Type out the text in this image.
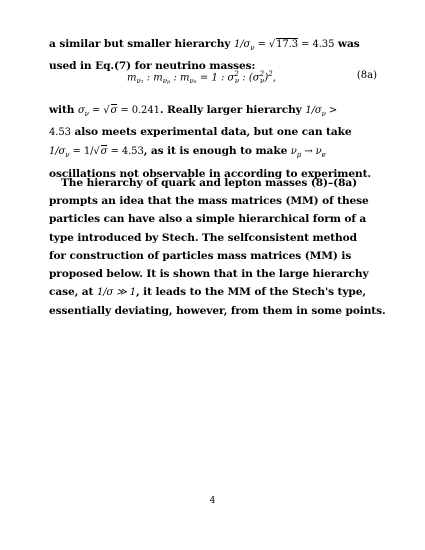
a similar but smaller hierarchy $1/\sigma_\nu = √17.3 = 4.35$ was
used in Eq.(7) for neutrino masses:
$m_{\nu\tau}$ : $m_{\nu\mu}$ : $m_{\nu e} = 1$ : $\sigma^2_\nu$ : $(\sigma^2_\nu)^2$,	(8a)
with $\sigma_\nu = √\sigma = 0.241$. Really larger hierarchy $1/\sigma_\nu$ >
4.53 also meets experimental data, but one can take
$1/\sigma_\nu = 1/√\sigma = 4.53$, as it is enough to make $\nu_\mu \to \nu_e$
oscillations not observable in according to experiment.
The hierarchy of quark and lepton masses (8)–(8a)
prompts an idea that the mass matrices (MM) of these
particles can have also a simple hierarchical form of a
type introduced by Stech. The selfconsistent method
for construction of particles mass matrices (MM) is
proposed below. It is shown that in the large hierarchy
case, at 1/σ ≫ 1, it leads to the MM of the Stech's type,
essentially deviating, however, from them in some points.
4
